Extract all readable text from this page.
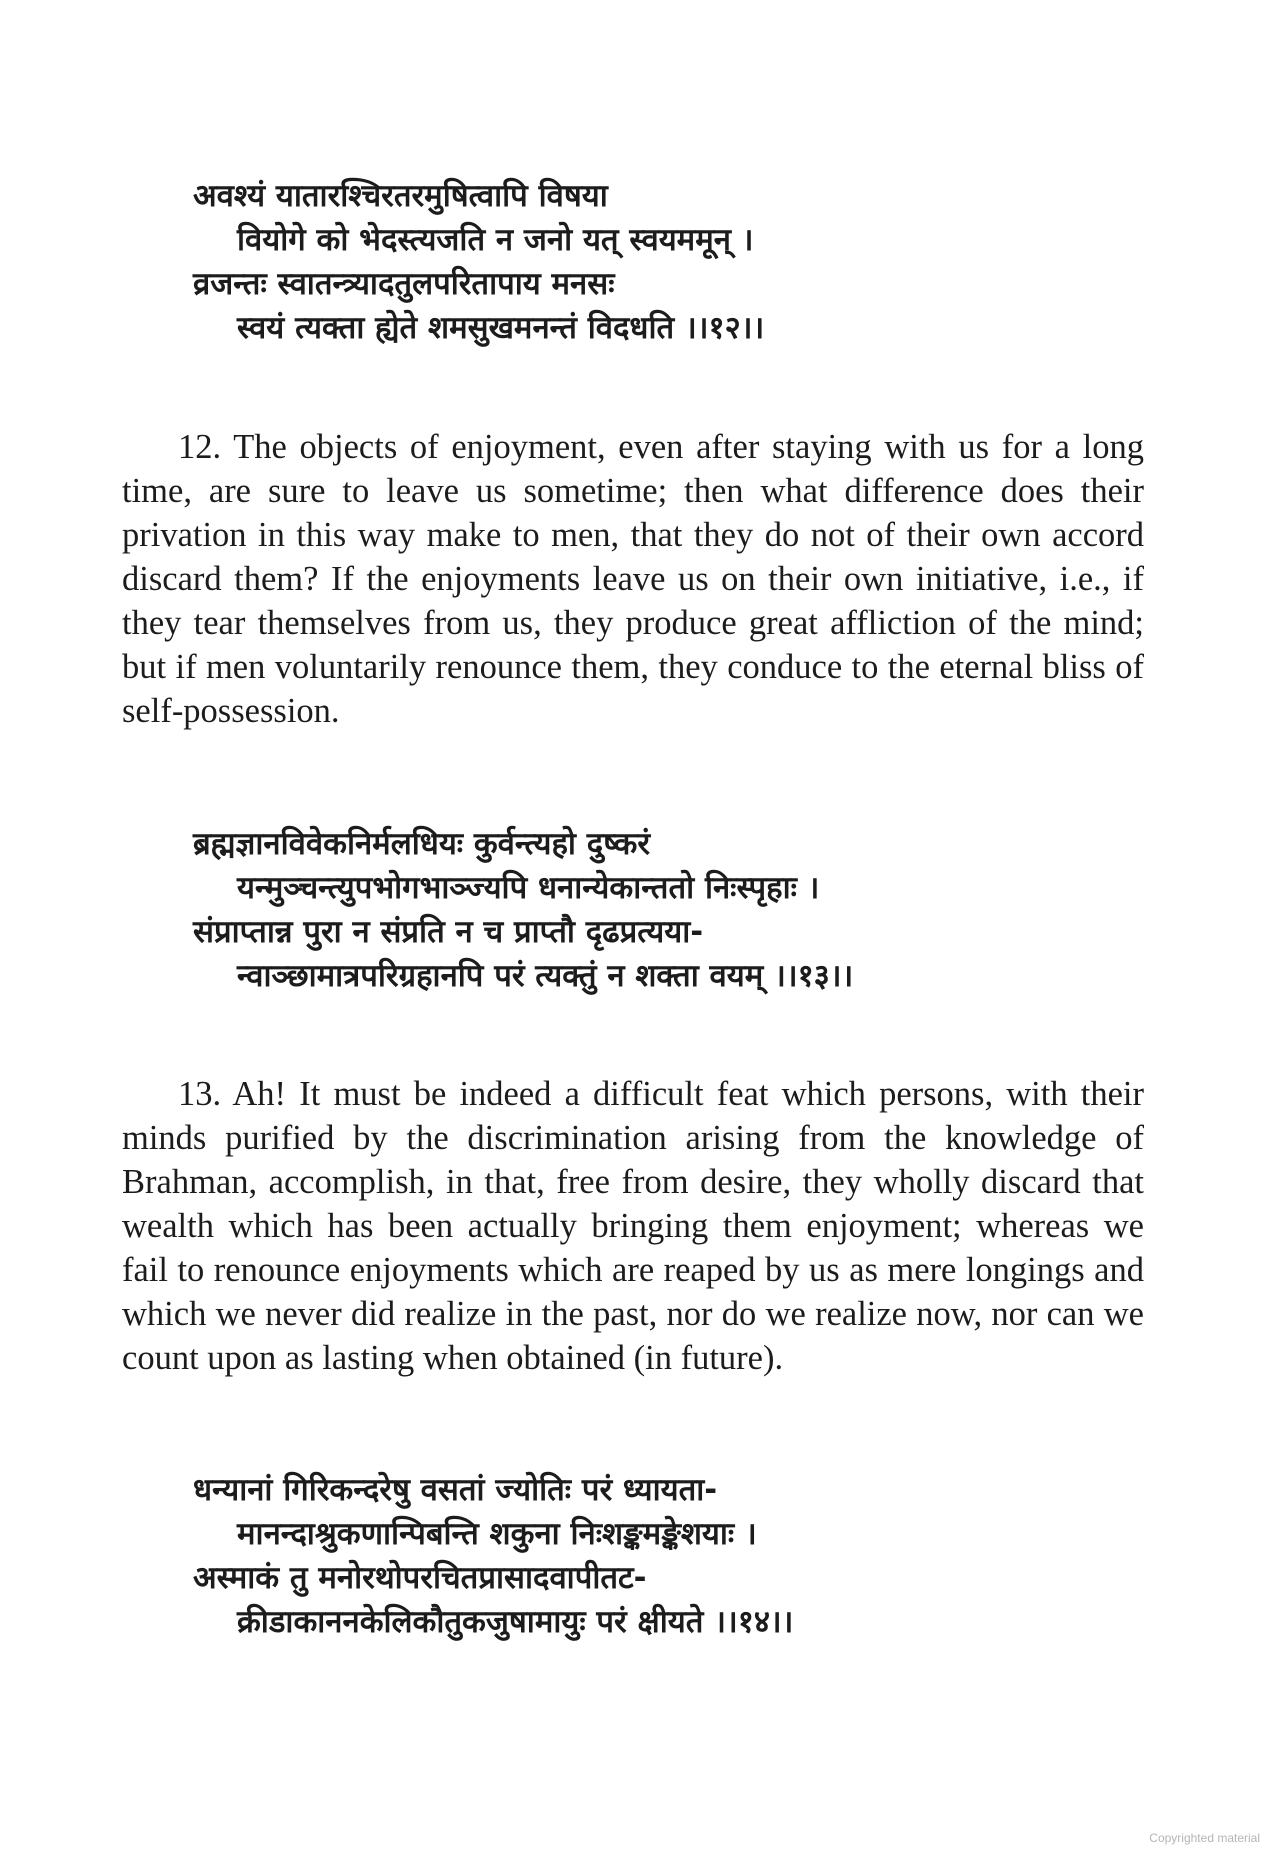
अवश्यं यातारश्चिरतरमुषित्वापि विषया
वियोगे को भेदस्त्यजति न जनो यत् स्वयममून् ।
व्रजन्तः स्वातन्त्र्यादतुलपरितापाय मनसः
स्वयं त्यक्ता ह्येते शमसुखमनन्तं विदधति ।।१२।।

12. The objects of enjoyment, even after staying with us for a long time, are sure to leave us sometime; then what difference does their privation in this way make to men, that they do not of their own accord discard them? If the enjoyments leave us on their own initiative, i.e., if they tear themselves from us, they produce great affliction of the mind; but if men voluntarily renounce them, they conduce to the eternal bliss of self-possession.

ब्रह्मज्ञानविवेकनिर्मलधियः कुर्वन्त्यहो दुष्करं
यन्मुञ्चन्त्युपभोगभाञ्ज्यपि धनान्येकान्ततो निःस्पृहाः ।
संप्राप्तान्न पुरा न संप्रति न च प्राप्तौ दृढप्रत्यया-
न्वाञ्छामात्रपरिग्रहानपि परं त्यक्तुं न शक्ता वयम् ।।१३।।

13. Ah! It must be indeed a difficult feat which persons, with their minds purified by the discrimination arising from the knowledge of Brahman, accomplish, in that, free from desire, they wholly discard that wealth which has been actually bringing them enjoyment; whereas we fail to renounce enjoyments which are reaped by us as mere longings and which we never did realize in the past, nor do we realize now, nor can we count upon as lasting when obtained (in future).

धन्यानां गिरिकन्दरेषु वसतां ज्योतिः परं ध्यायता-
मानन्दाश्रुकणान्पिबन्ति शकुना निःशङ्कमङ्केशयाः ।
अस्माकं तु मनोरथोपरचितप्रासादवापीतट-
क्रीडाकाननकेलिकौतुकजुषामायुः परं क्षीयते ।।१४।।
Copyrighted material
